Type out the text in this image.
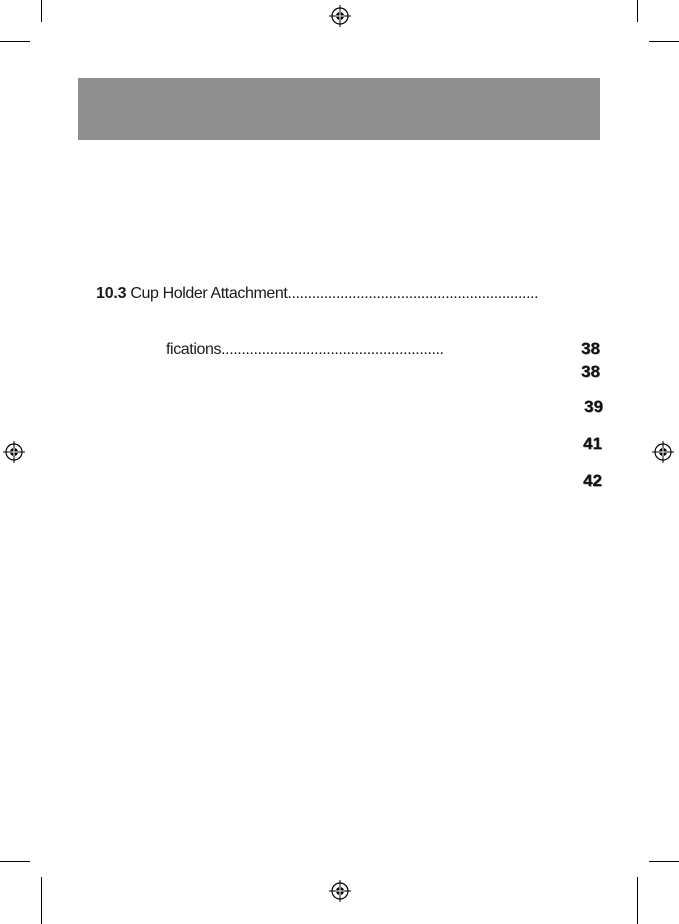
10.3 Cup Holder Attachment..............................................................
fications.......................................................	38
38
39
41
42
